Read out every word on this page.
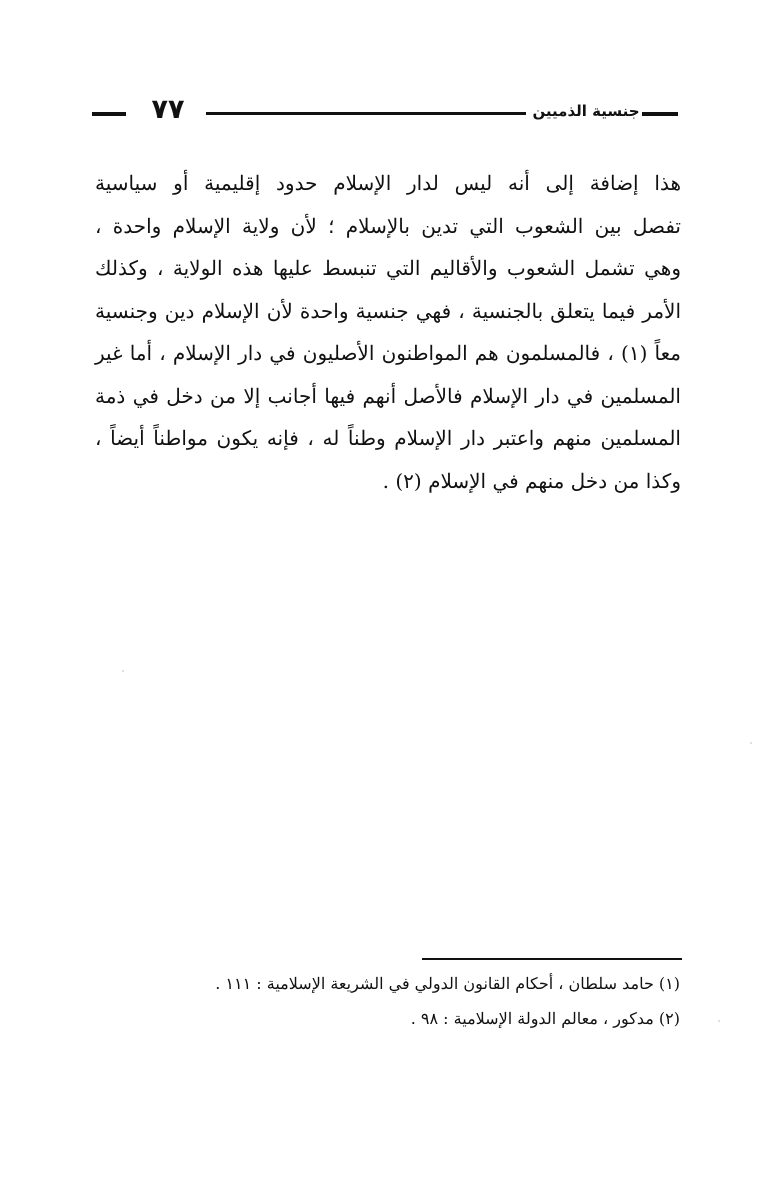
٧٧	جنسية الذميين
هذا إضافة إلى أنه ليس لدار الإسلام حدود إقليمية أو سياسية
تفصل بين الشعوب التي تدين بالإسلام ؛ لأن ولاية الإسلام واحدة ،
وهي تشمل الشعوب والأقاليم التي تنبسط عليها هذه الولاية ، وكذلك
الأمر فيما يتعلق بالجنسية ، فهي جنسية واحدة لأن الإسلام دين وجنسية
معاً (١) ، فالمسلمون هم المواطنون الأصليون في دار الإسلام ، أما غير
المسلمين في دار الإسلام فالأصل أنهم فيها أجانب إلا من دخل في ذمة
المسلمين منهم واعتبر دار الإسلام وطناً له ، فإنه يكون مواطناً أيضاً ،
وكذا من دخل منهم في الإسلام (٢) .
(١) حامد سلطان ، أحكام القانون الدولي في الشريعة الإسلامية : ١١١ .
(٢) مدكور ، معالم الدولة الإسلامية : ٩٨ .
